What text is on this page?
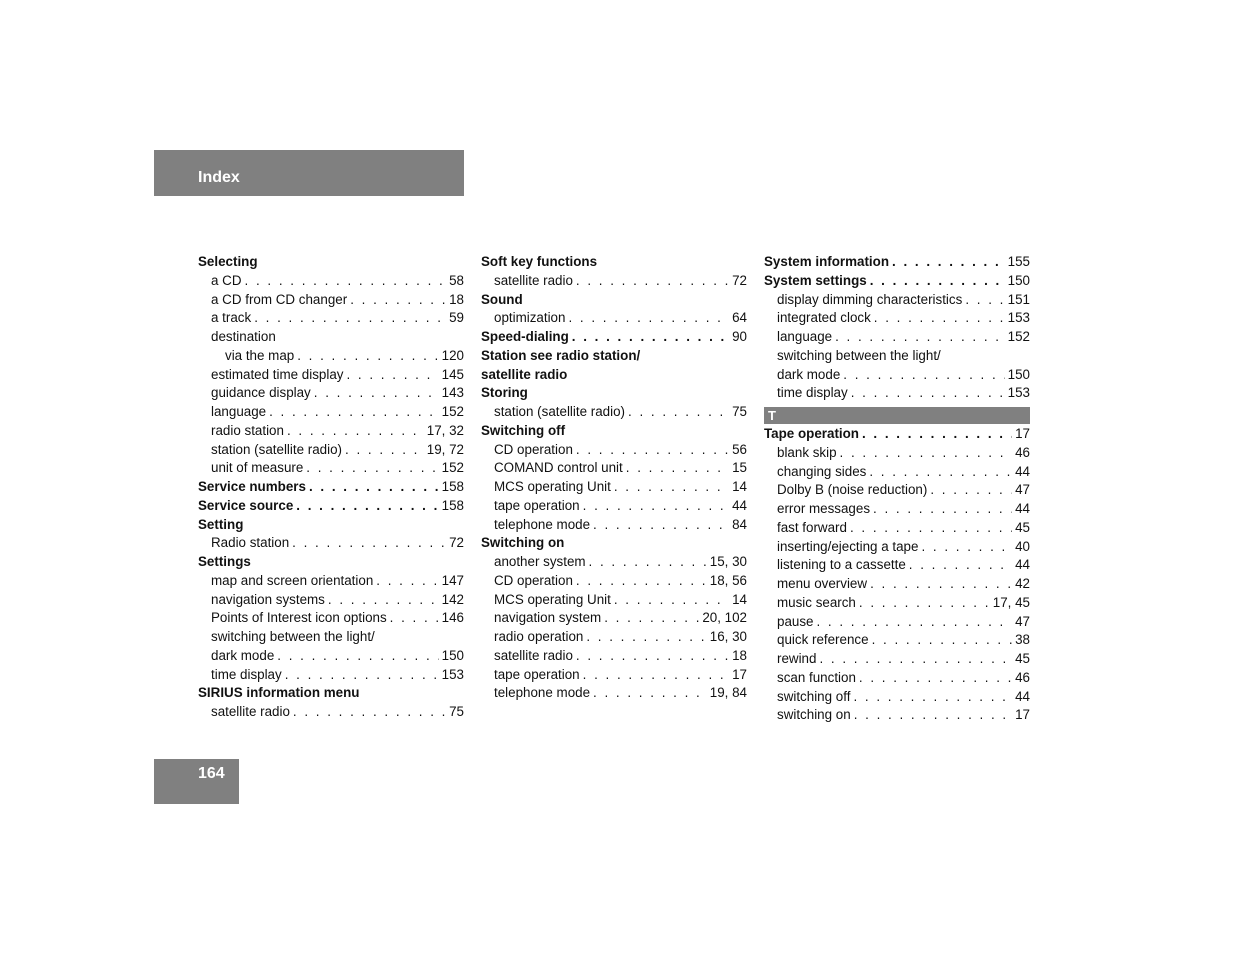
Index
Selecting
a CD . . .	58
a CD from CD changer . . .	18
a track . . .	59
destination
via the map . . .	120
estimated time display . . .	145
guidance display . . .	143
language . . .	152
radio station . . .	17, 32
station (satellite radio) . . .	19, 72
unit of measure . . .	152
Service numbers . . .	158
Service source . . .	158
Setting
Radio station . . .	72
Settings
map and screen orientation . . .	147
navigation systems . . .	142
Points of Interest icon options . . .	146
switching between the light/
dark mode . . .	150
time display . . .	153
SIRIUS information menu
satellite radio . . .	75
Soft key functions
satellite radio . . .	72
Sound
optimization . . .	64
Speed-dialing . . .	90
Station see radio station/
satellite radio
Storing
station (satellite radio) . . .	75
Switching off
CD operation . . .	56
COMAND control unit . . .	15
MCS operating Unit . . .	14
tape operation . . .	44
telephone mode . . .	84
Switching on
another system . . .	15, 30
CD operation . . .	18, 56
MCS operating Unit . . .	14
navigation system . . .	20, 102
radio operation . . .	16, 30
satellite radio . . .	18
tape operation . . .	17
telephone mode . . .	19, 84
System information . . .	155
System settings . . .	150
display dimming characteristics . . .	151
integrated clock . . .	153
language . . .	152
switching between the light/
dark mode . . .	150
time display . . .	153
T
Tape operation . . .	17
blank skip . . .	46
changing sides . . .	44
Dolby B (noise reduction) . . .	47
error messages . . .	44
fast forward . . .	45
inserting/ejecting a tape . . .	40
listening to a cassette . . .	44
menu overview . . .	42
music search . . .	17, 45
pause . . .	47
quick reference . . .	38
rewind . . .	45
scan function . . .	46
switching off . . .	44
switching on . . .	17
164
